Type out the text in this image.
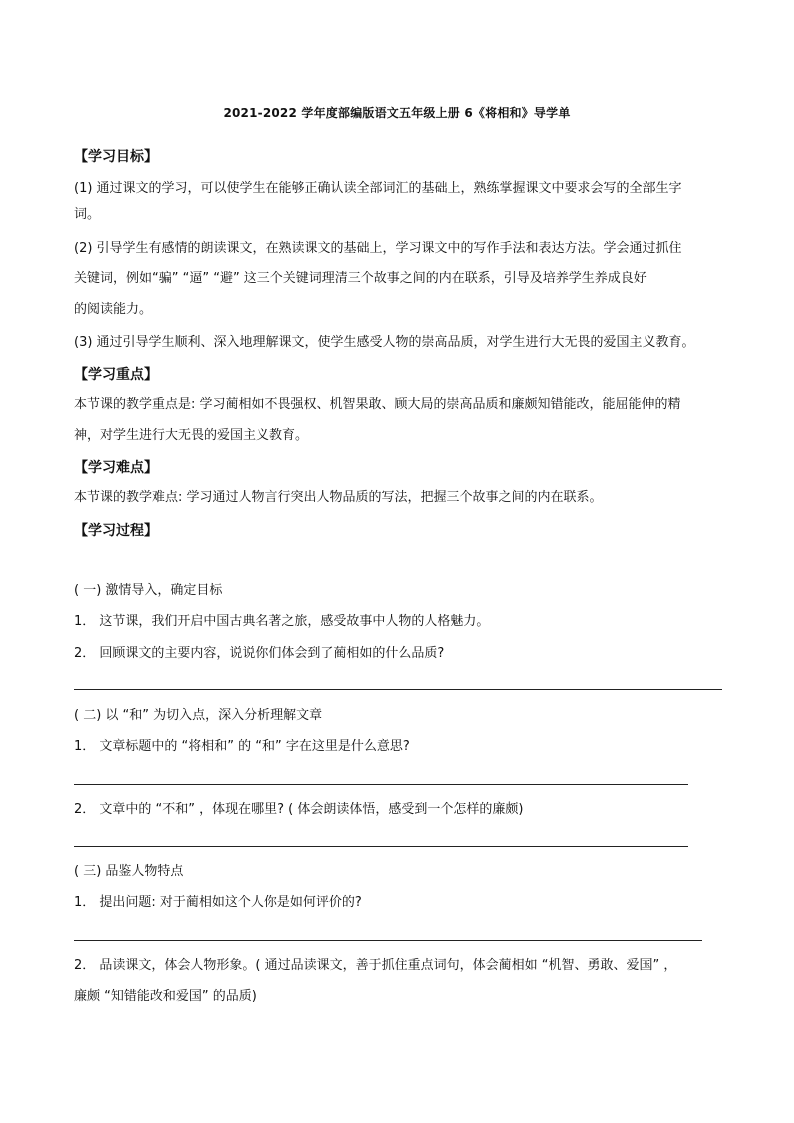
2021-2022 学年度部编版语文五年级上册 6《将相和》导学单
【学习目标】
(1) 通过课文的学习，可以使学生在能够正确认读全部词汇的基础上，熟练掌握课文中要求会写的全部生字
词。
(2) 引导学生有感情的朗读课文，在熟读课文的基础上，学习课文中的写作手法和表达方法。学会通过抓住
关键词，例如“骗” “逼” “避” 这三个关键词理清三个故事之间的内在联系，引导及培养学生养成良好
的阅读能力。
(3) 通过引导学生顺利、深入地理解课文，使学生感受人物的崇高品质，对学生进行大无畏的爱国主义教育。
【学习重点】
本节课的教学重点是: 学习蔺相如不畏强权、机智果敢、顾大局的崇高品质和廉颇知错能改，能屈能伸的精
神，对学生进行大无畏的爱国主义教育。
【学习难点】
本节课的教学难点: 学习通过人物言行突出人物品质的写法，把握三个故事之间的内在联系。
【学习过程】
( 一) 激情导入，确定目标
1． 这节课，我们开启中国古典名著之旅，感受故事中人物的人格魅力。
2． 回顾课文的主要内容，说说你们体会到了蔺相如的什么品质?
( 二) 以 “和” 为切入点，深入分析理解文章
1． 文章标题中的 “将相和” 的 “和” 字在这里是什么意思?
2． 文章中的 “不和” ，体现在哪里? ( 体会朗读体悟，感受到一个怎样的廉颇)
( 三) 品鉴人物特点
1． 提出问题: 对于蔺相如这个人你是如何评价的?
2． 品读课文，体会人物形象。( 通过品读课文，善于抓住重点词句，体会蔺相如 “机智、勇敢、爱国” ，
廉颇 “知错能改和爱国” 的品质)
